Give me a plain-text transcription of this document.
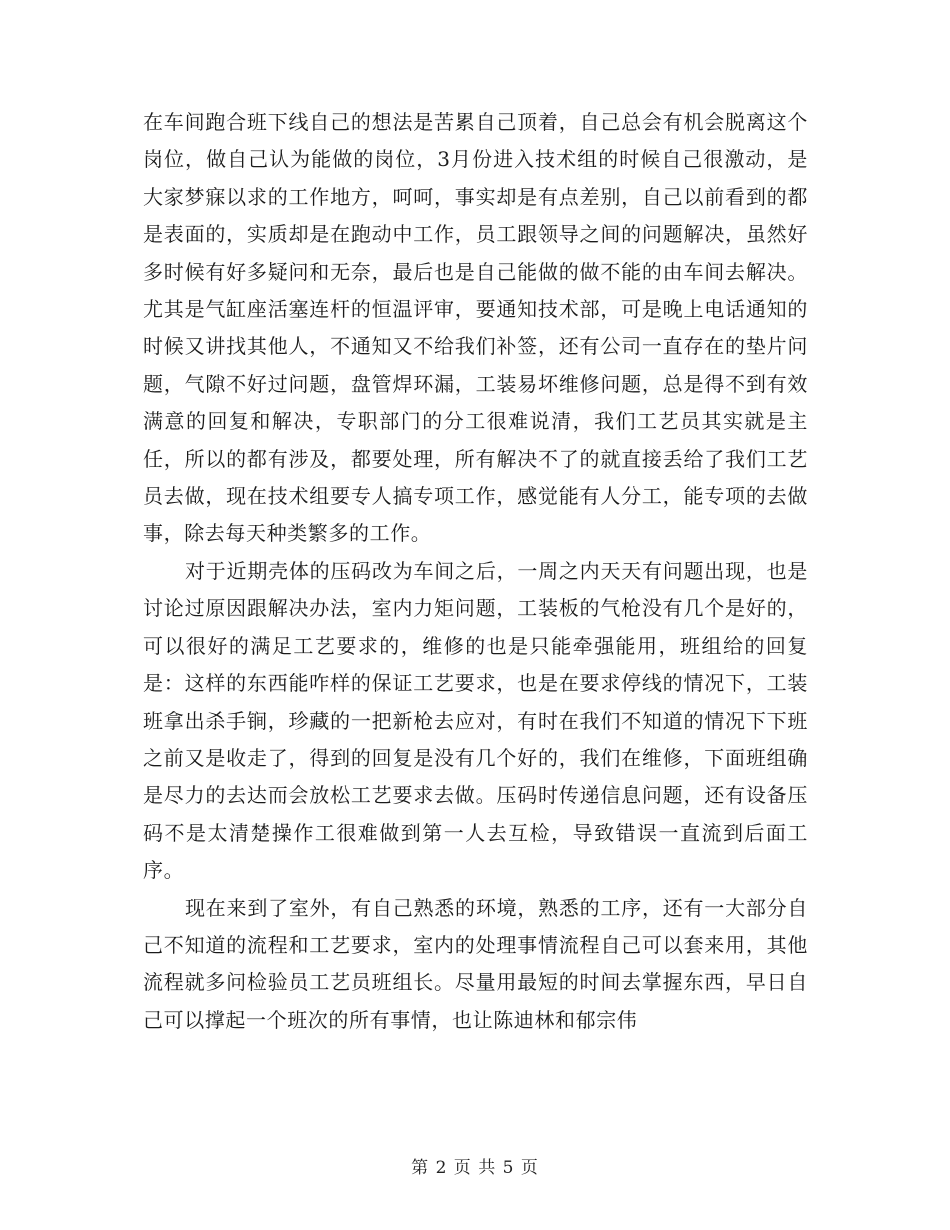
在车间跑合班下线自己的想法是苦累自己顶着，自己总会有机会脱离这个岗位，做自己认为能做的岗位，3月份进入技术组的时候自己很激动，是大家梦寐以求的工作地方，呵呵，事实却是有点差别，自己以前看到的都是表面的，实质却是在跑动中工作，员工跟领导之间的问题解决，虽然好多时候有好多疑问和无奈，最后也是自己能做的做不能的由车间去解决。尤其是气缸座活塞连杆的恒温评审，要通知技术部，可是晚上电话通知的时候又讲找其他人，不通知又不给我们补签，还有公司一直存在的垫片问题，气隙不好过问题，盘管焊环漏，工装易坏维修问题，总是得不到有效满意的回复和解决，专职部门的分工很难说清，我们工艺员其实就是主任，所以的都有涉及，都要处理，所有解决不了的就直接丢给了我们工艺员去做，现在技术组要专人搞专项工作，感觉能有人分工，能专项的去做事，除去每天种类繁多的工作。

对于近期壳体的压码改为车间之后，一周之内天天有问题出现，也是讨论过原因跟解决办法，室内力矩问题，工装板的气枪没有几个是好的，可以很好的满足工艺要求的，维修的也是只能牵强能用，班组给的回复是：这样的东西能咋样的保证工艺要求，也是在要求停线的情况下，工装班拿出杀手锏，珍藏的一把新枪去应对，有时在我们不知道的情况下下班之前又是收走了，得到的回复是没有几个好的，我们在维修，下面班组确是尽力的去达而会放松工艺要求去做。压码时传递信息问题，还有设备压码不是太清楚操作工很难做到第一人去互检，导致错误一直流到后面工序。

现在来到了室外，有自己熟悉的环境，熟悉的工序，还有一大部分自己不知道的流程和工艺要求，室内的处理事情流程自己可以套来用，其他流程就多问检验员工艺员班组长。尽量用最短的时间去掌握东西，早日自己可以撑起一个班次的所有事情，也让陈迪林和郁宗伟

第 2 页 共 5 页
